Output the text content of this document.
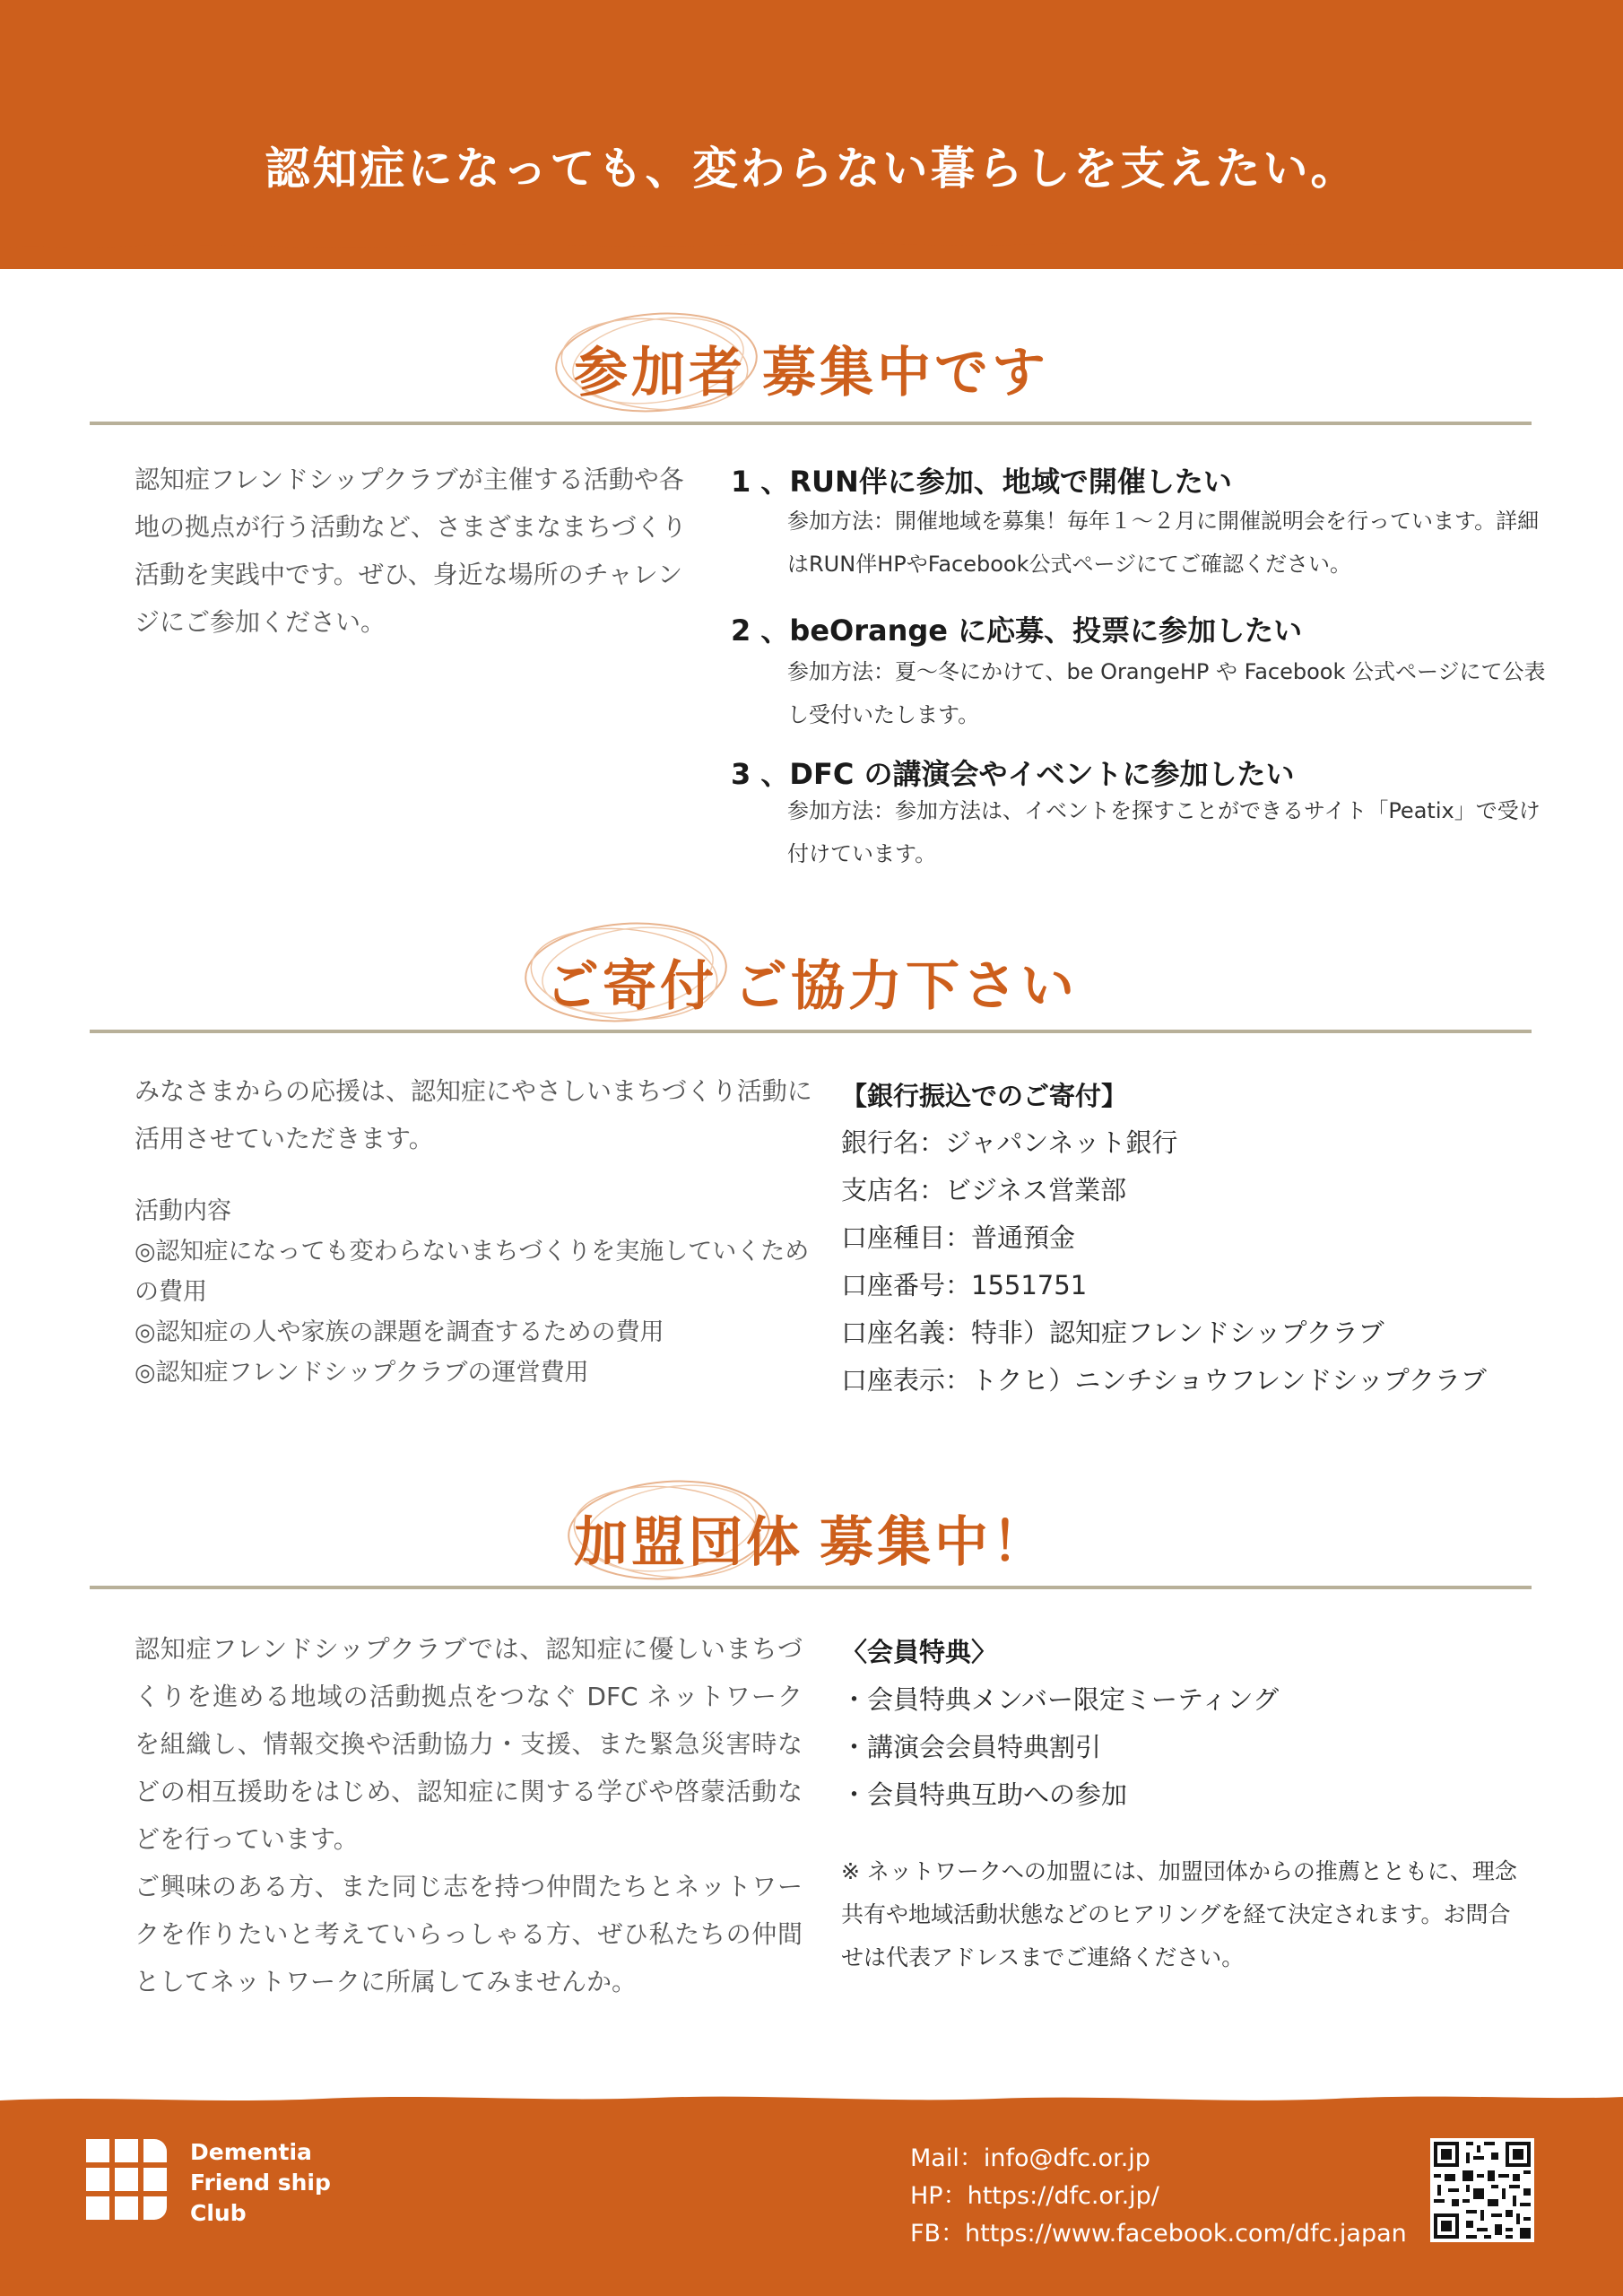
認知症になっても、変わらない暮らしを支えたい。
参加者 募集中です
認知症フレンドシップクラブが主催する活動や各地の拠点が行う活動など、さまざまなまちづくり活動を実践中です。ぜひ、身近な場所のチャレンジにご参加ください。
1 、RUN伴に参加、地域で開催したい
参加方法：開催地域を募集！毎年１～２月に開催説明会を行っています。詳細はRUN伴HPやFacebook公式ページにてご確認ください。
2 、beOrange に応募、投票に参加したい
参加方法：夏～冬にかけて、be OrangeHP や Facebook 公式ページにて公表し受付いたします。
3 、DFC の講演会やイベントに参加したい
参加方法：参加方法は、イベントを探すことができるサイト「Peatix」で受け付けています。
ご寄付 ご協力下さい
みなさまからの応援は、認知症にやさしいまちづくり活動に活用させていただきます。
活動内容
◎認知症になっても変わらないまちづくりを実施していくための費用
◎認知症の人や家族の課題を調査するための費用
◎認知症フレンドシップクラブの運営費用
【銀行振込でのご寄付】
銀行名：ジャパンネット銀行
支店名：ビジネス営業部
口座種目：普通預金
口座番号：1551751
口座名義：特非）認知症フレンドシップクラブ
口座表示：トクヒ）ニンチショウフレンドシップクラブ
加盟団体 募集中！
認知症フレンドシップクラブでは、認知症に優しいまちづくりを進める地域の活動拠点をつなぐ DFC ネットワークを組織し、情報交換や活動協力・支援、また緊急災害時などの相互援助をはじめ、認知症に関する学びや啓蒙活動などを行っています。
ご興味のある方、また同じ志を持つ仲間たちとネットワークを作りたいと考えていらっしゃる方、ぜひ私たちの仲間としてネットワークに所属してみませんか。
〈会員特典〉
・会員特典メンバー限定ミーティング
・講演会会員特典割引
・会員特典互助への参加
※ ネットワークへの加盟には、加盟団体からの推薦とともに、理念共有や地域活動状態などのヒアリングを経て決定されます。お問合せは代表アドレスまでご連絡ください。
Dementia
Friend ship
Club
Mail：info@dfc.or.jp
HP：https://dfc.or.jp/
FB：https://www.facebook.com/dfc.japan
